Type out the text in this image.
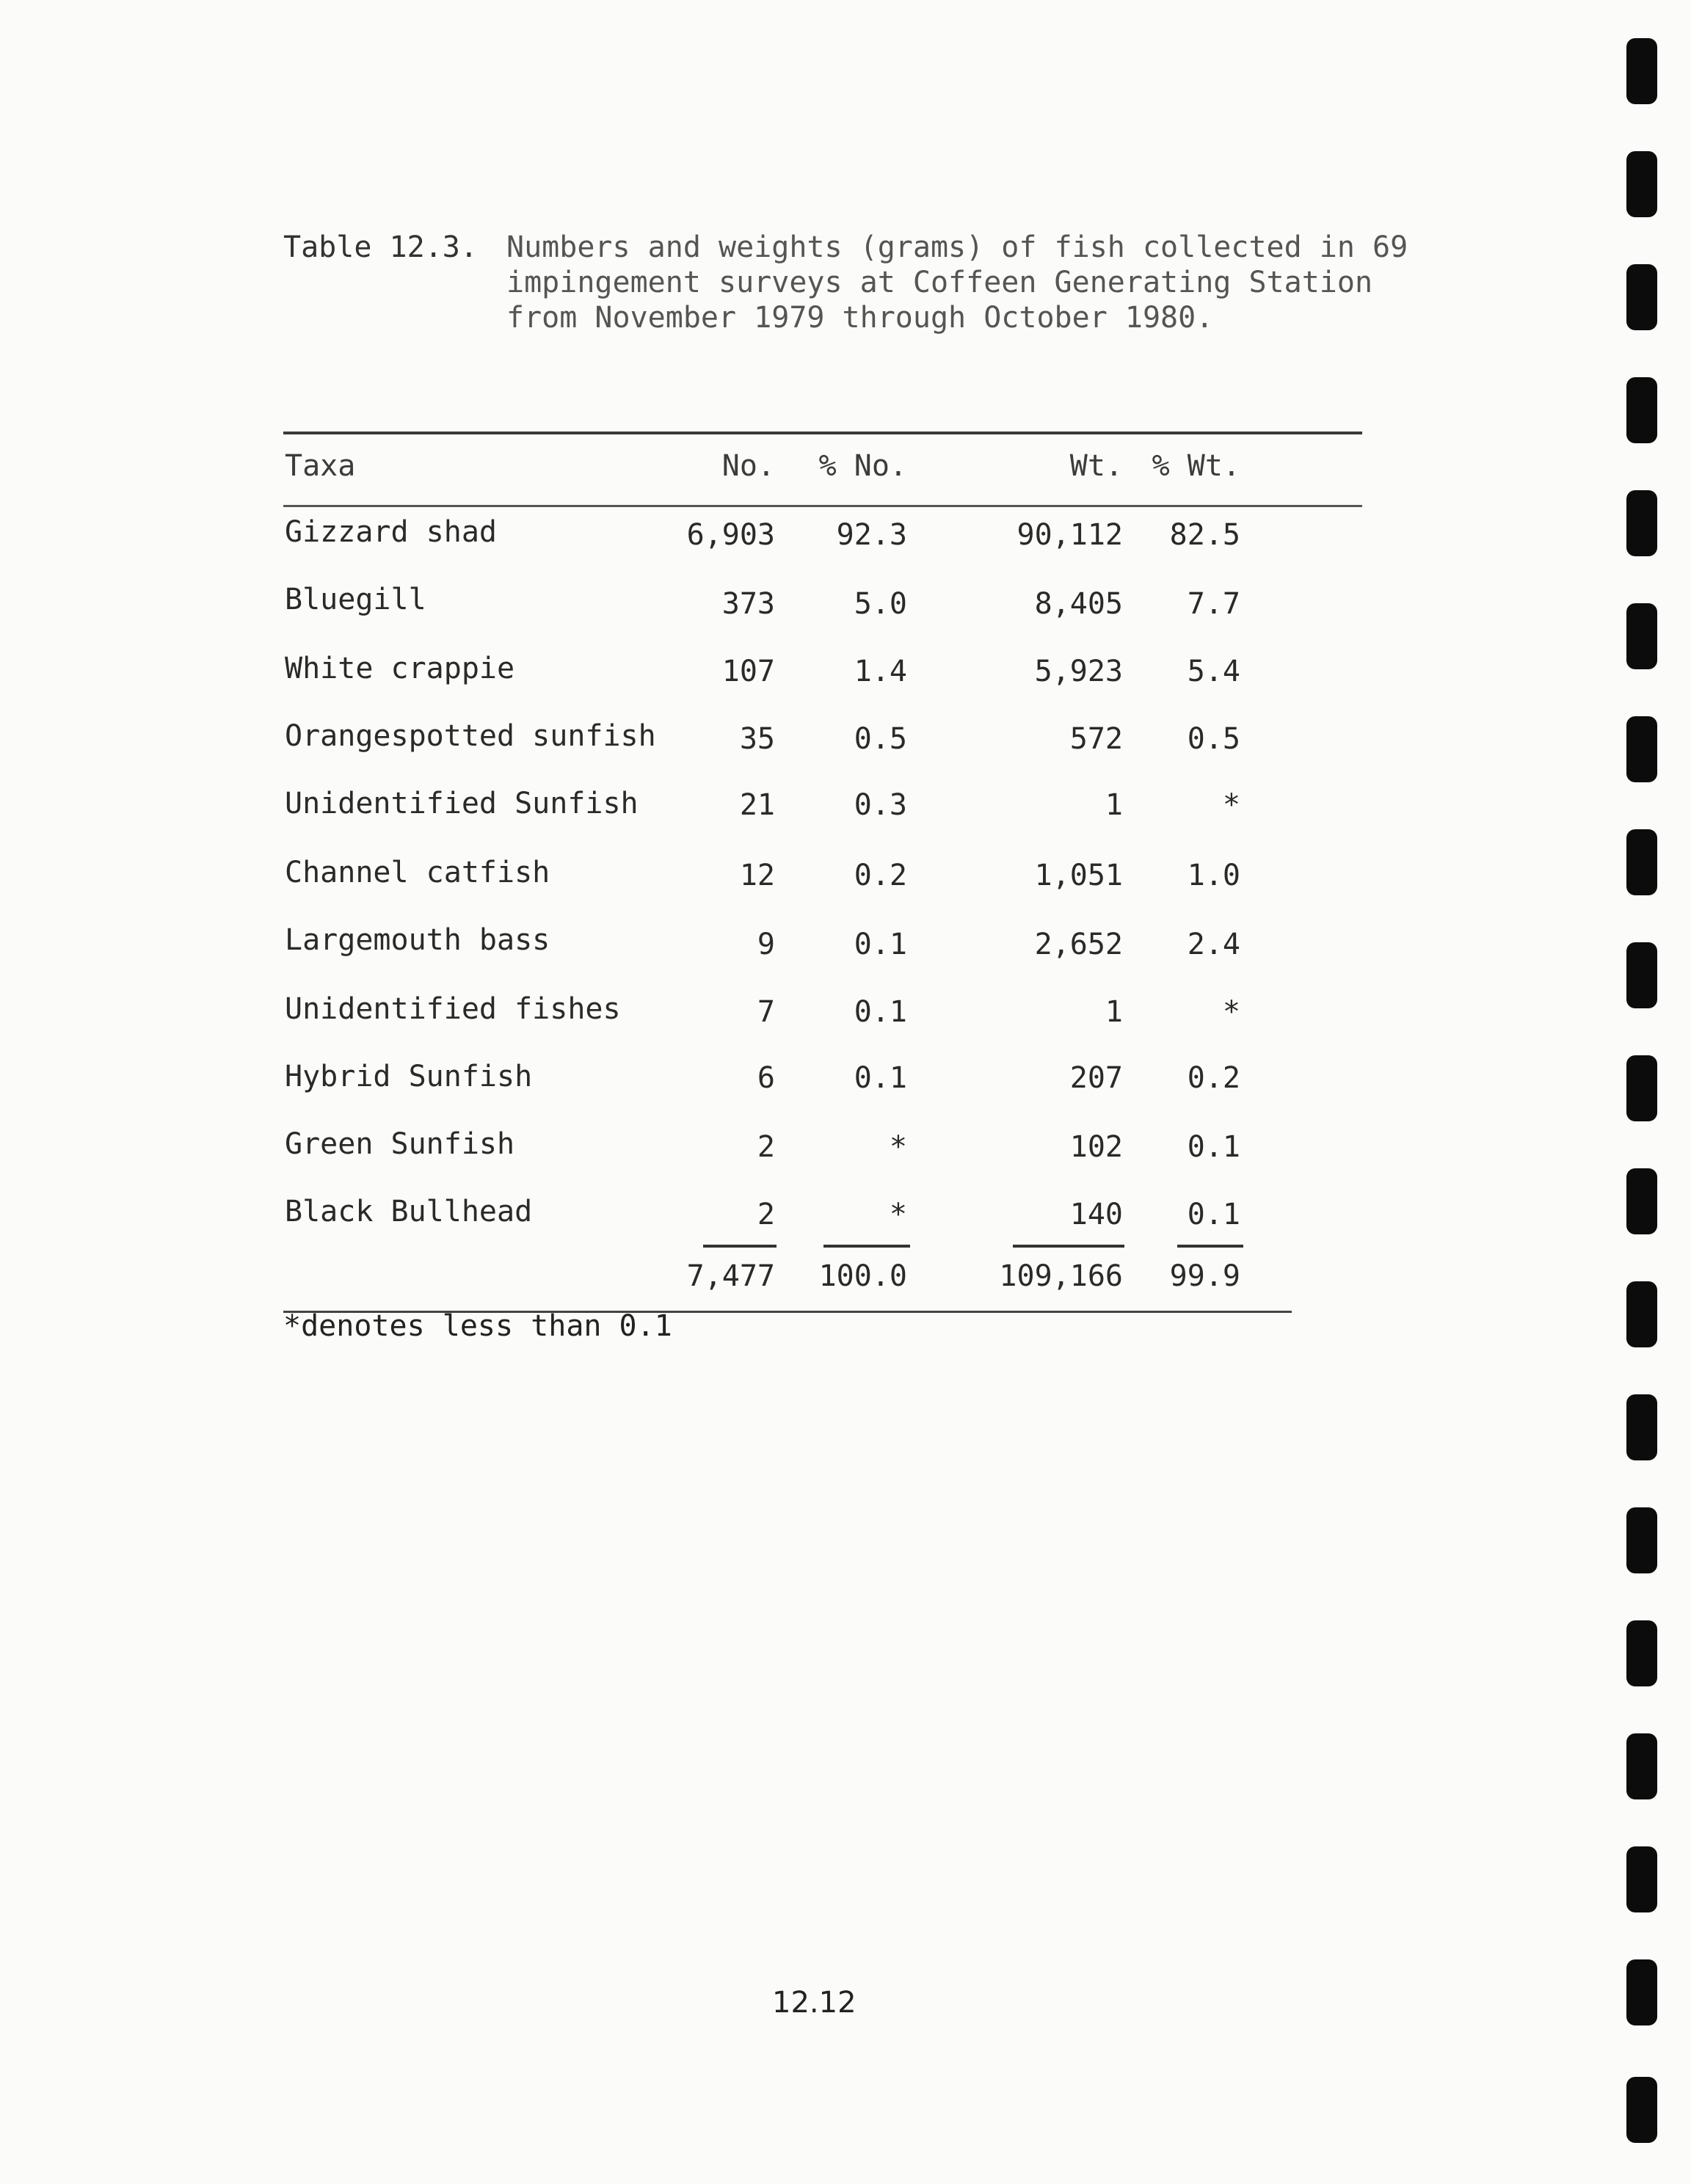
Table 12.3. Numbers and weights (grams) of fish collected in 69
impingement surveys at Coffeen Generating Station
from November 1979 through October 1980.
Taxa	No. % No.	Wt. % Wt.
Gizzard shad	6,903 92.3	90,112 82.5
Bluegill	373	5.0	8,405 7.7
White crappie	107	1.4	5,923 5.4
Orangespotted sunfish	35	0.5	572 0.5
Unidentified Sunfish	21	0.3	1	*
Channel catfish	12	0.2	1,051 1.0
Largemouth bass	9	0.1	2,652 2.4
Unidentified fishes	7	0.1	1	*
Hybrid Sunfish	6	0.1	207 0.2
Green Sunfish	2	*	102 0.1
Black Bullhead	2	*	140 0.1
7,477 100.0	109,166 99.9
*denotes less than 0.1
12.12
